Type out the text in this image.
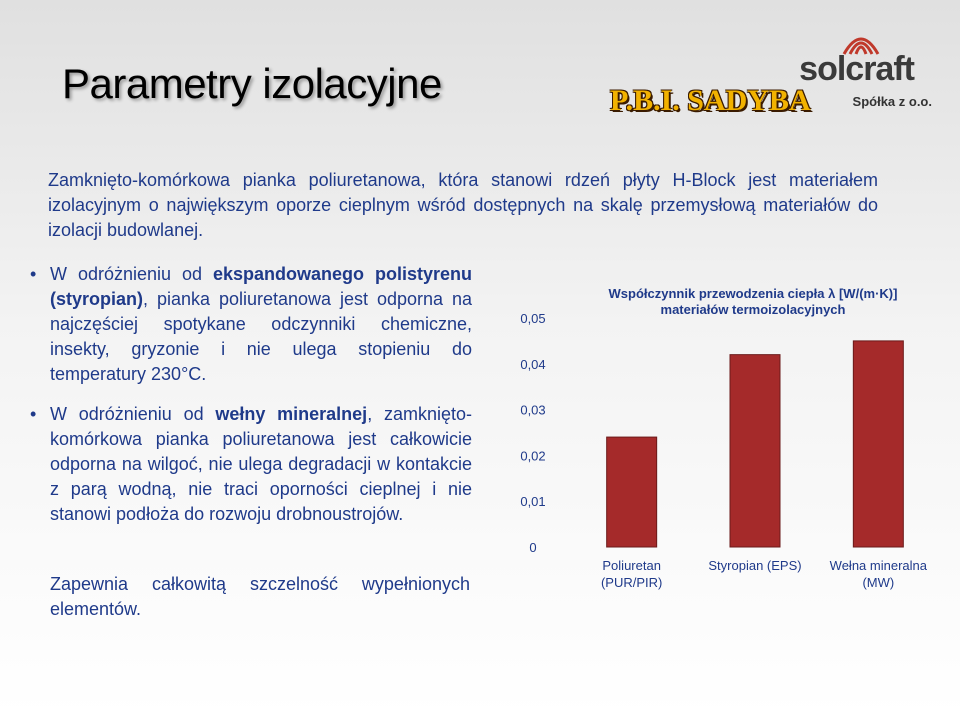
Parametry izolacyjne	solcraft
P.B.I. SADYBA	Spółka z o.o.
Zamknięto-komórkowa pianka poliuretanowa, która stanowi rdzeń płyty H-Block jest materiałem izolacyjnym o największym oporze cieplnym wśród dostępnych na skalę przemysłową materiałów do izolacji budowlanej.
• W odróżnieniu od ekspandowanego polistyrenu (styropian), pianka poliuretanowa jest odporna na najczęściej spotykane odczynniki chemiczne, insekty, gryzonie i nie ulega stopieniu do temperatury 230°C.
• W odróżnieniu od wełny mineralnej, zamknięto-komórkowa pianka poliuretanowa jest całkowicie odporna na wilgoć, nie ulega degradacji w kontakcie z parą wodną, nie traci oporności cieplnej i nie stanowi podłoża do rozwoju drobnoustrojów.
Zapewnia całkowitą szczelność wypełnionych elementów.
Współczynnik przewodzenia ciepła λ [W/(m·K)]
materiałów termoizolacyjnych
0
0,01
0,02
0,03
0,04
0,05
Poliuretan
(PUR/PIR)
Styropian (EPS) Wełna mineralna
(MW)
